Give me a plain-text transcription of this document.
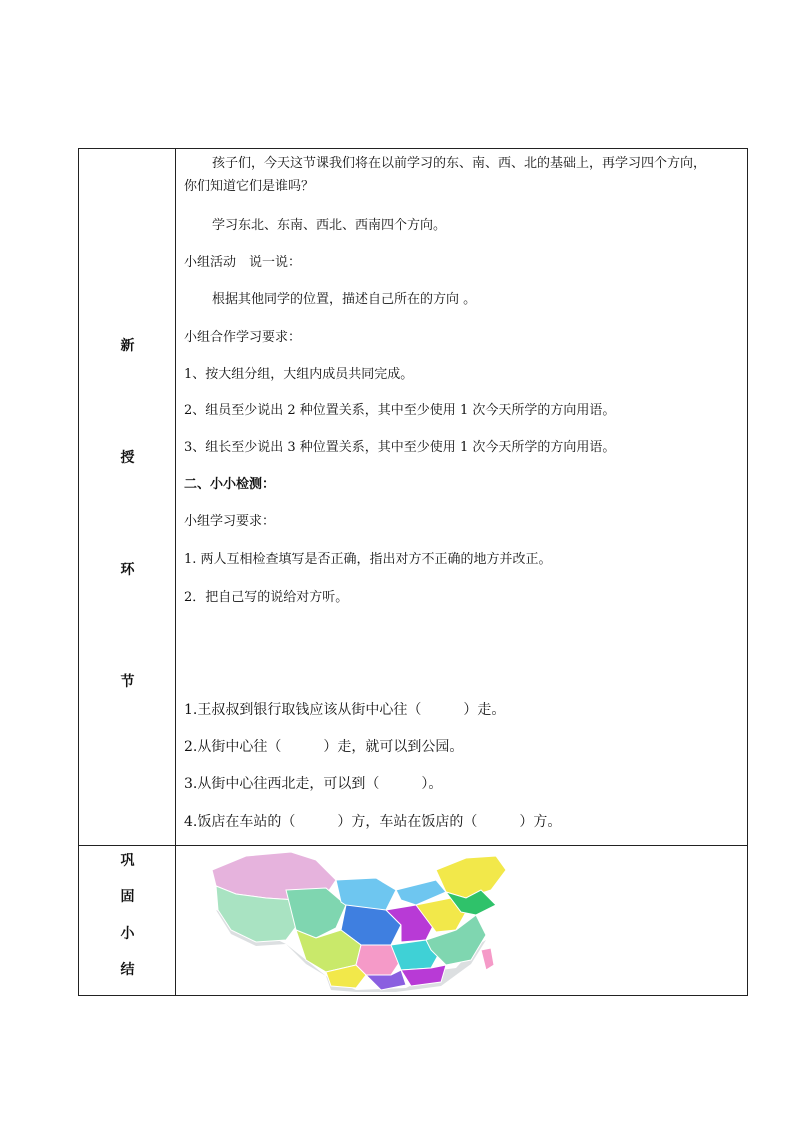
新
授
环
节
孩子们，今天这节课我们将在以前学习的东、南、西、北的基础上，再学习四个方向，
你们知道它们是谁吗？
学习东北、东南、西北、西南四个方向。
小组活动　说一说：
根据其他同学的位置，描述自己所在的方向 。
小组合作学习要求：
1、按大组分组，大组内成员共同完成。
2、组员至少说出 2 种位置关系，其中至少使用 1 次今天所学的方向用语。
3、组长至少说出 3 种位置关系，其中至少使用 1 次今天所学的方向用语。
二、小小检测：
小组学习要求：
1. 两人互相检查填写是否正确，指出对方不正确的地方并改正。
2．把自己写的说给对方听。
1.王叔叔到银行取钱应该从街中心往（　　　）走。
2.从街中心往（　　　）走，就可以到公园。
3.从街中心往西北走，可以到（　　　）。
4.饭店在车站的（　　　）方，车站在饭店的（　　　）方。
巩
固
小
结
